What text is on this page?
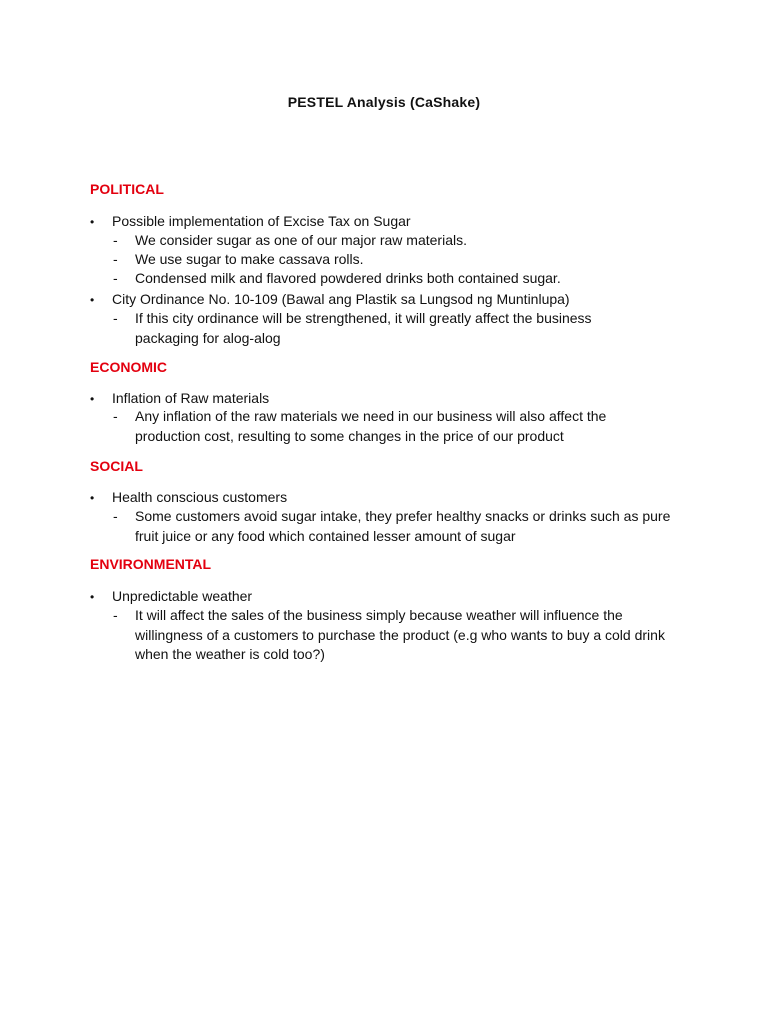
PESTEL Analysis (CaShake)
POLITICAL
• Possible implementation of Excise Tax on Sugar
-	We consider sugar as one of our major raw materials.
-	We use sugar to make cassava rolls.
-	Condensed milk and flavored powdered drinks both contained sugar.
• City Ordinance No. 10-109 (Bawal ang Plastik sa Lungsod ng Muntinlupa)
-	If this city ordinance will be strengthened, it will greatly affect the business packaging for alog-alog
ECONOMIC
• Inflation of Raw materials
-	Any inflation of the raw materials we need in our business will also affect the production cost, resulting to some changes in the price of our product
SOCIAL
• Health conscious customers
-	Some customers avoid sugar intake, they prefer healthy snacks or drinks such as pure fruit juice or any food which contained lesser amount of sugar
ENVIRONMENTAL
• Unpredictable weather
-	It will affect the sales of the business simply because weather will influence the willingness of a customers to purchase the product (e.g who wants to buy a cold drink when the weather is cold too?)
